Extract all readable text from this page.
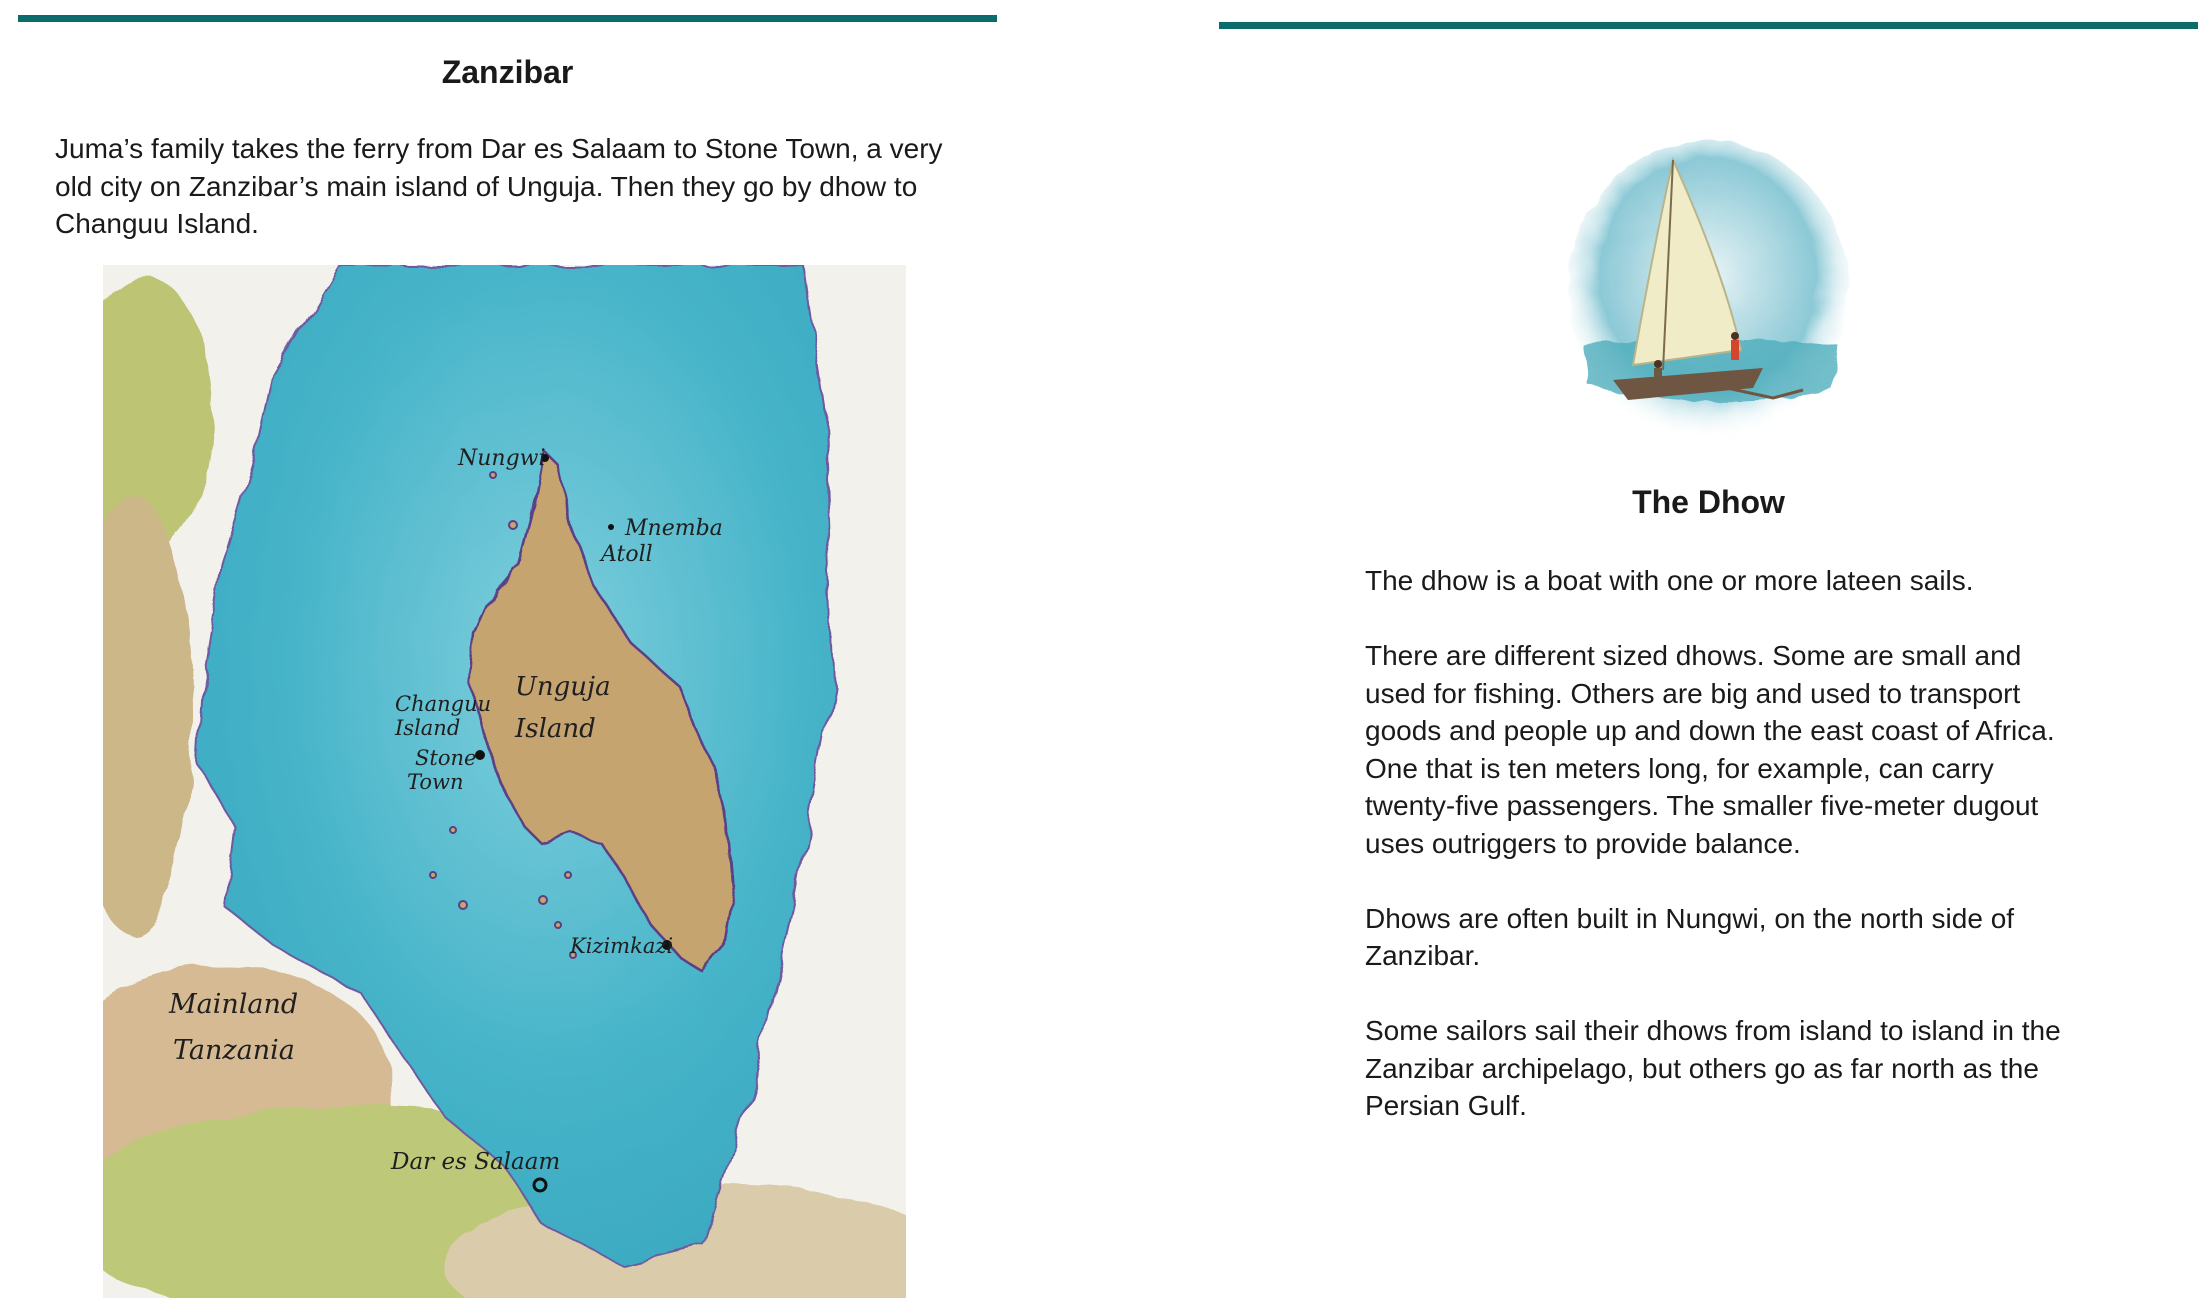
Zanzibar

Juma’s family takes the ferry from Dar es Salaam to Stone Town, a very old city on Zanzibar’s main island of Unguja. Then they go by dhow to Changuu Island.

Nungwi
Mnemba
Atoll
Changuu
Island
Unguja
Island
Stone
Town
Kizimkazi
Mainland
Tanzania
Dar es Salaam
The Dhow

The dhow is a boat with one or more lateen sails.

There are different sized dhows. Some are small and used for fishing. Others are big and used to transport goods and people up and down the east coast of Africa. One that is ten meters long, for example, can carry twenty-five passengers. The smaller five-meter dugout uses outriggers to provide balance.

Dhows are often built in Nungwi, on the north side of Zanzibar.

Some sailors sail their dhows from island to island in the Zanzibar archipelago, but others go as far north as the Persian Gulf.
